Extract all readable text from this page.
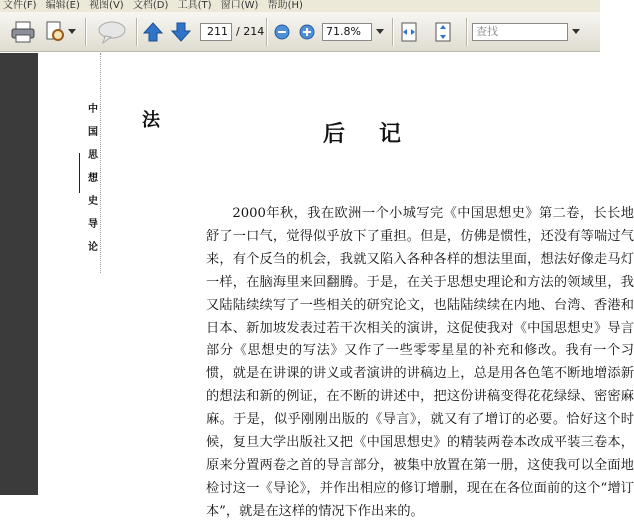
文件(F) 编辑(E) 视图(V) 文档(D) 工具(T) 窗口(W) 帮助(H)
211 / 214	71.8%	查找
中
国
思
想
史
导
论
法
后记

2000年秋，我在欧洲一个小城写完《中国思想史》第二卷，长长地舒了一口气，觉得似乎放下了重担。但是，仿佛是惯性，还没有等喘过气来，有个反刍的机会，我就又陷入各种各样的想法里面，想法好像走马灯一样，在脑海里来回翻腾。于是，在关于思想史理论和方法的领域里，我又陆陆续续写了一些相关的研究论文，也陆陆续续在内地、台湾、香港和日本、新加坡发表过若干次相关的演讲，这促使我对《中国思想史》导言部分《思想史的写法》又作了一些零零星星的补充和修改。我有一个习惯，就是在讲课的讲义或者演讲的讲稿边上，总是用各色笔不断地增添新的想法和新的例证，在不断的讲述中，把这份讲稿变得花花绿绿、密密麻麻。于是，似乎刚刚出版的《导言》，就又有了增订的必要。恰好这个时候，复旦大学出版社又把《中国思想史》的精装两卷本改成平装三卷本，原来分置两卷之首的导言部分，被集中放置在第一册，这使我可以全面地检讨这一《导论》，并作出相应的修订增删，现在在各位面前的这个“增订本”，就是在这样的情况下作出来的。
